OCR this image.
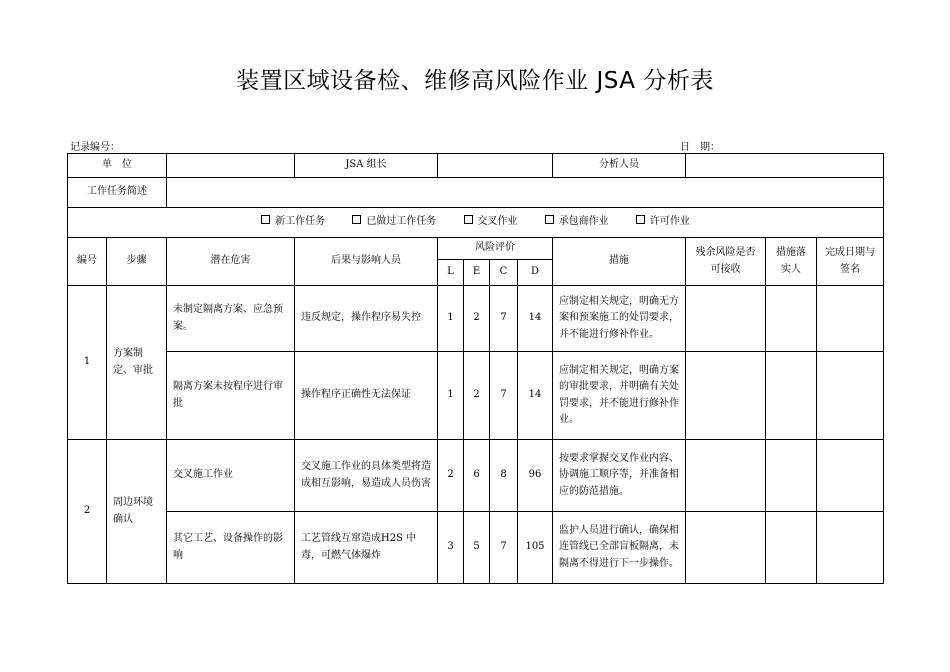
装置区域设备检、维修高风险作业 JSA 分析表
记录编号：	日　期：
单　位			JSA 组长					分析人员			
工作任务简述											
新工作任务 已做过工作任务 交叉作业 承包商作业 许可作业											
编号	步骤	潜在危害	后果与影响人员	风险评价				措施	残余风险是否可接收	措施落实人	完成日期与签名
				L	E	C	D				
1	方案制定、审批	未制定隔离方案、应急预案。	违反规定，操作程序易失控	1	2	7	14	应制定相关规定，明确无方案和预案施工的处罚要求，并不能进行修补作业。			
		隔离方案未按程序进行审批	操作程序正确性无法保证	1	2	7	14	应制定相关规定，明确方案的审批要求，并明确有关处罚要求，并不能进行修补作业。			
2	周边环境确认	交叉施工作业	交叉施工作业的具体类型将造成相互影响，易造成人员伤害	2	6	8	96	按要求掌握交叉作业内容、协调施工顺序等，并准备相应的防范措施。			
		其它工艺、设备操作的影响	工艺管线互窜造成H2S 中毒，可燃气体爆炸	3	5	7	105	监护人员进行确认，确保相连管线已全部盲板隔离，未隔离不得进行下一步操作。			
